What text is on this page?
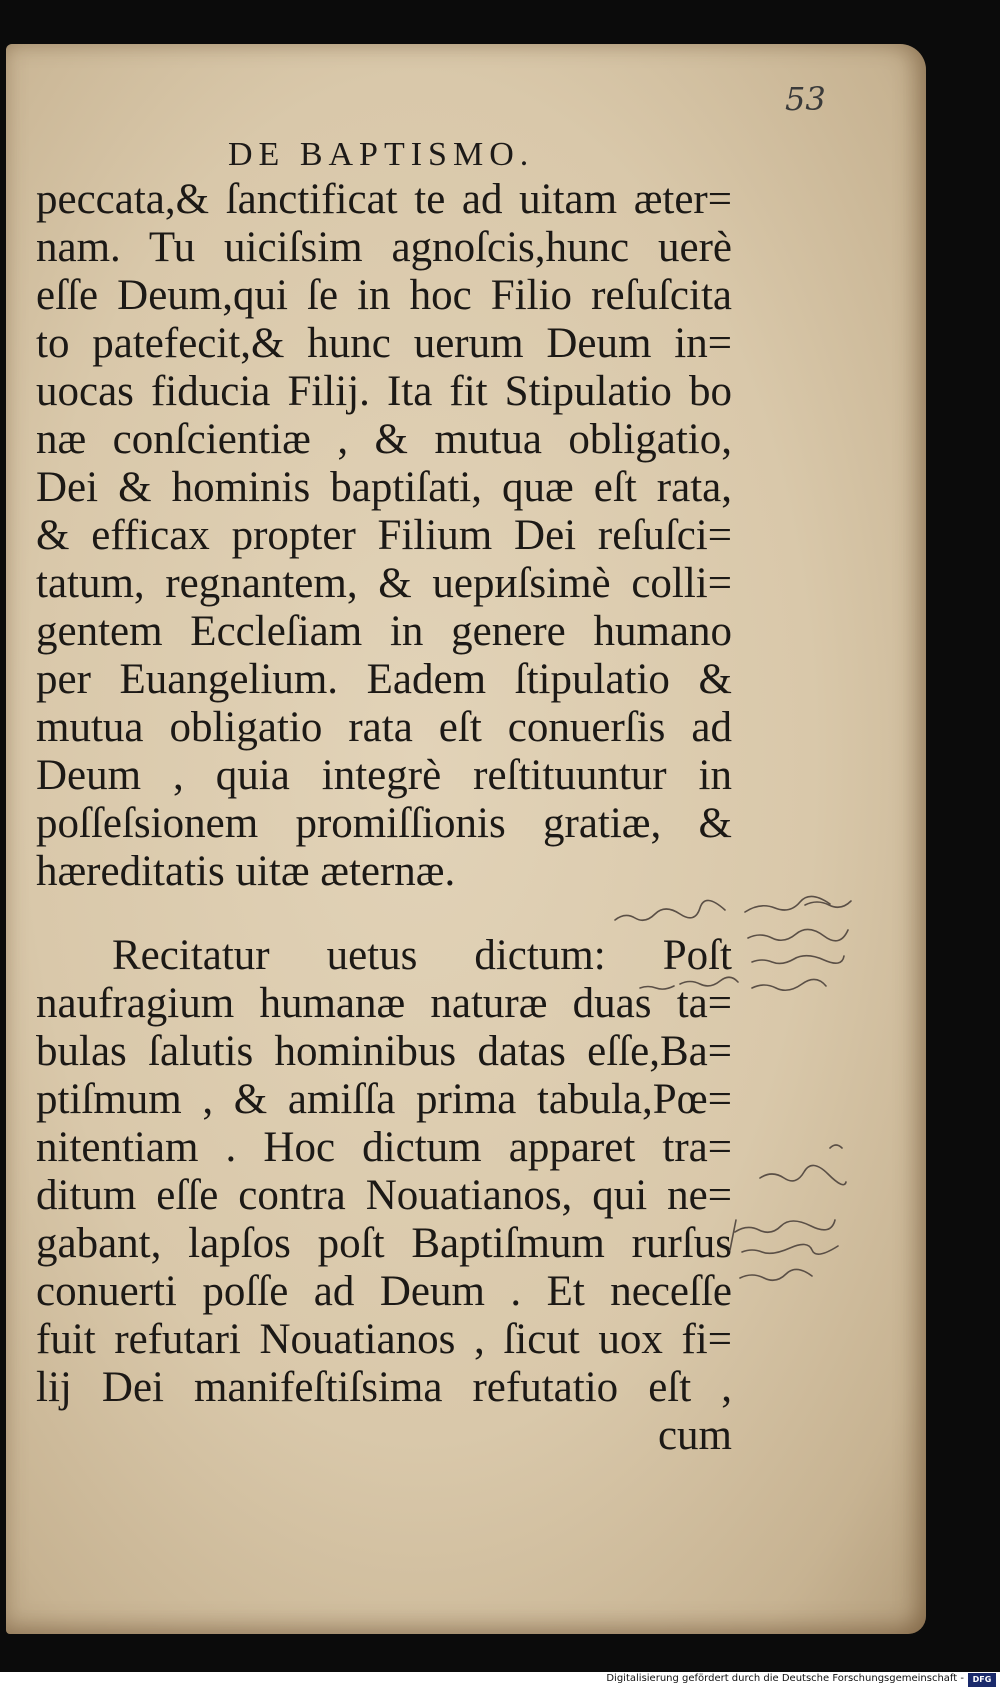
53
DE BAPTISMO.
peccata,& ſanctificat te ad uitam æter=
nam. Tu uiciſsim agnoſcis,hunc uerè
eſſe Deum,qui ſe in hoc Filio reſuſcita
to patefecit,& hunc uerum Deum in=
uocas fiducia Filij. Ita fit Stipulatio bo
næ conſcientiæ , & mutua obligatio,
Dei & hominis baptiſati, quæ eſt rata,
& efficax propter Filium Dei reſuſci=
tatum, regnantem, & uериſsimè colli=
gentem Eccleſiam in genere humano
per Euangelium. Eadem ſtipulatio &
mutua obligatio rata eſt conuerſis ad
Deum , quia integrè reſtituuntur in
poſſeſsionem promiſſionis gratiæ, &
hæreditatis uitæ æternæ.
Recitatur uetus dictum: Poſt
naufragium humanæ naturæ duas ta=
bulas ſalutis hominibus datas eſſe,Ba=
ptiſmum , & amiſſa prima tabula,Pœ=
nitentiam . Hoc dictum apparet tra=
ditum eſſe contra Nouatianos, qui ne=
gabant, lapſos poſt Baptiſmum rurſus
conuerti poſſe ad Deum . Et neceſſe
fuit refutari Nouatianos , ſicut uox fi=
lij Dei manifeſtiſsima refutatio eſt ,
cum
Digitalisierung gefördert durch die Deutsche Forschungsgemeinschaft -	DFG
